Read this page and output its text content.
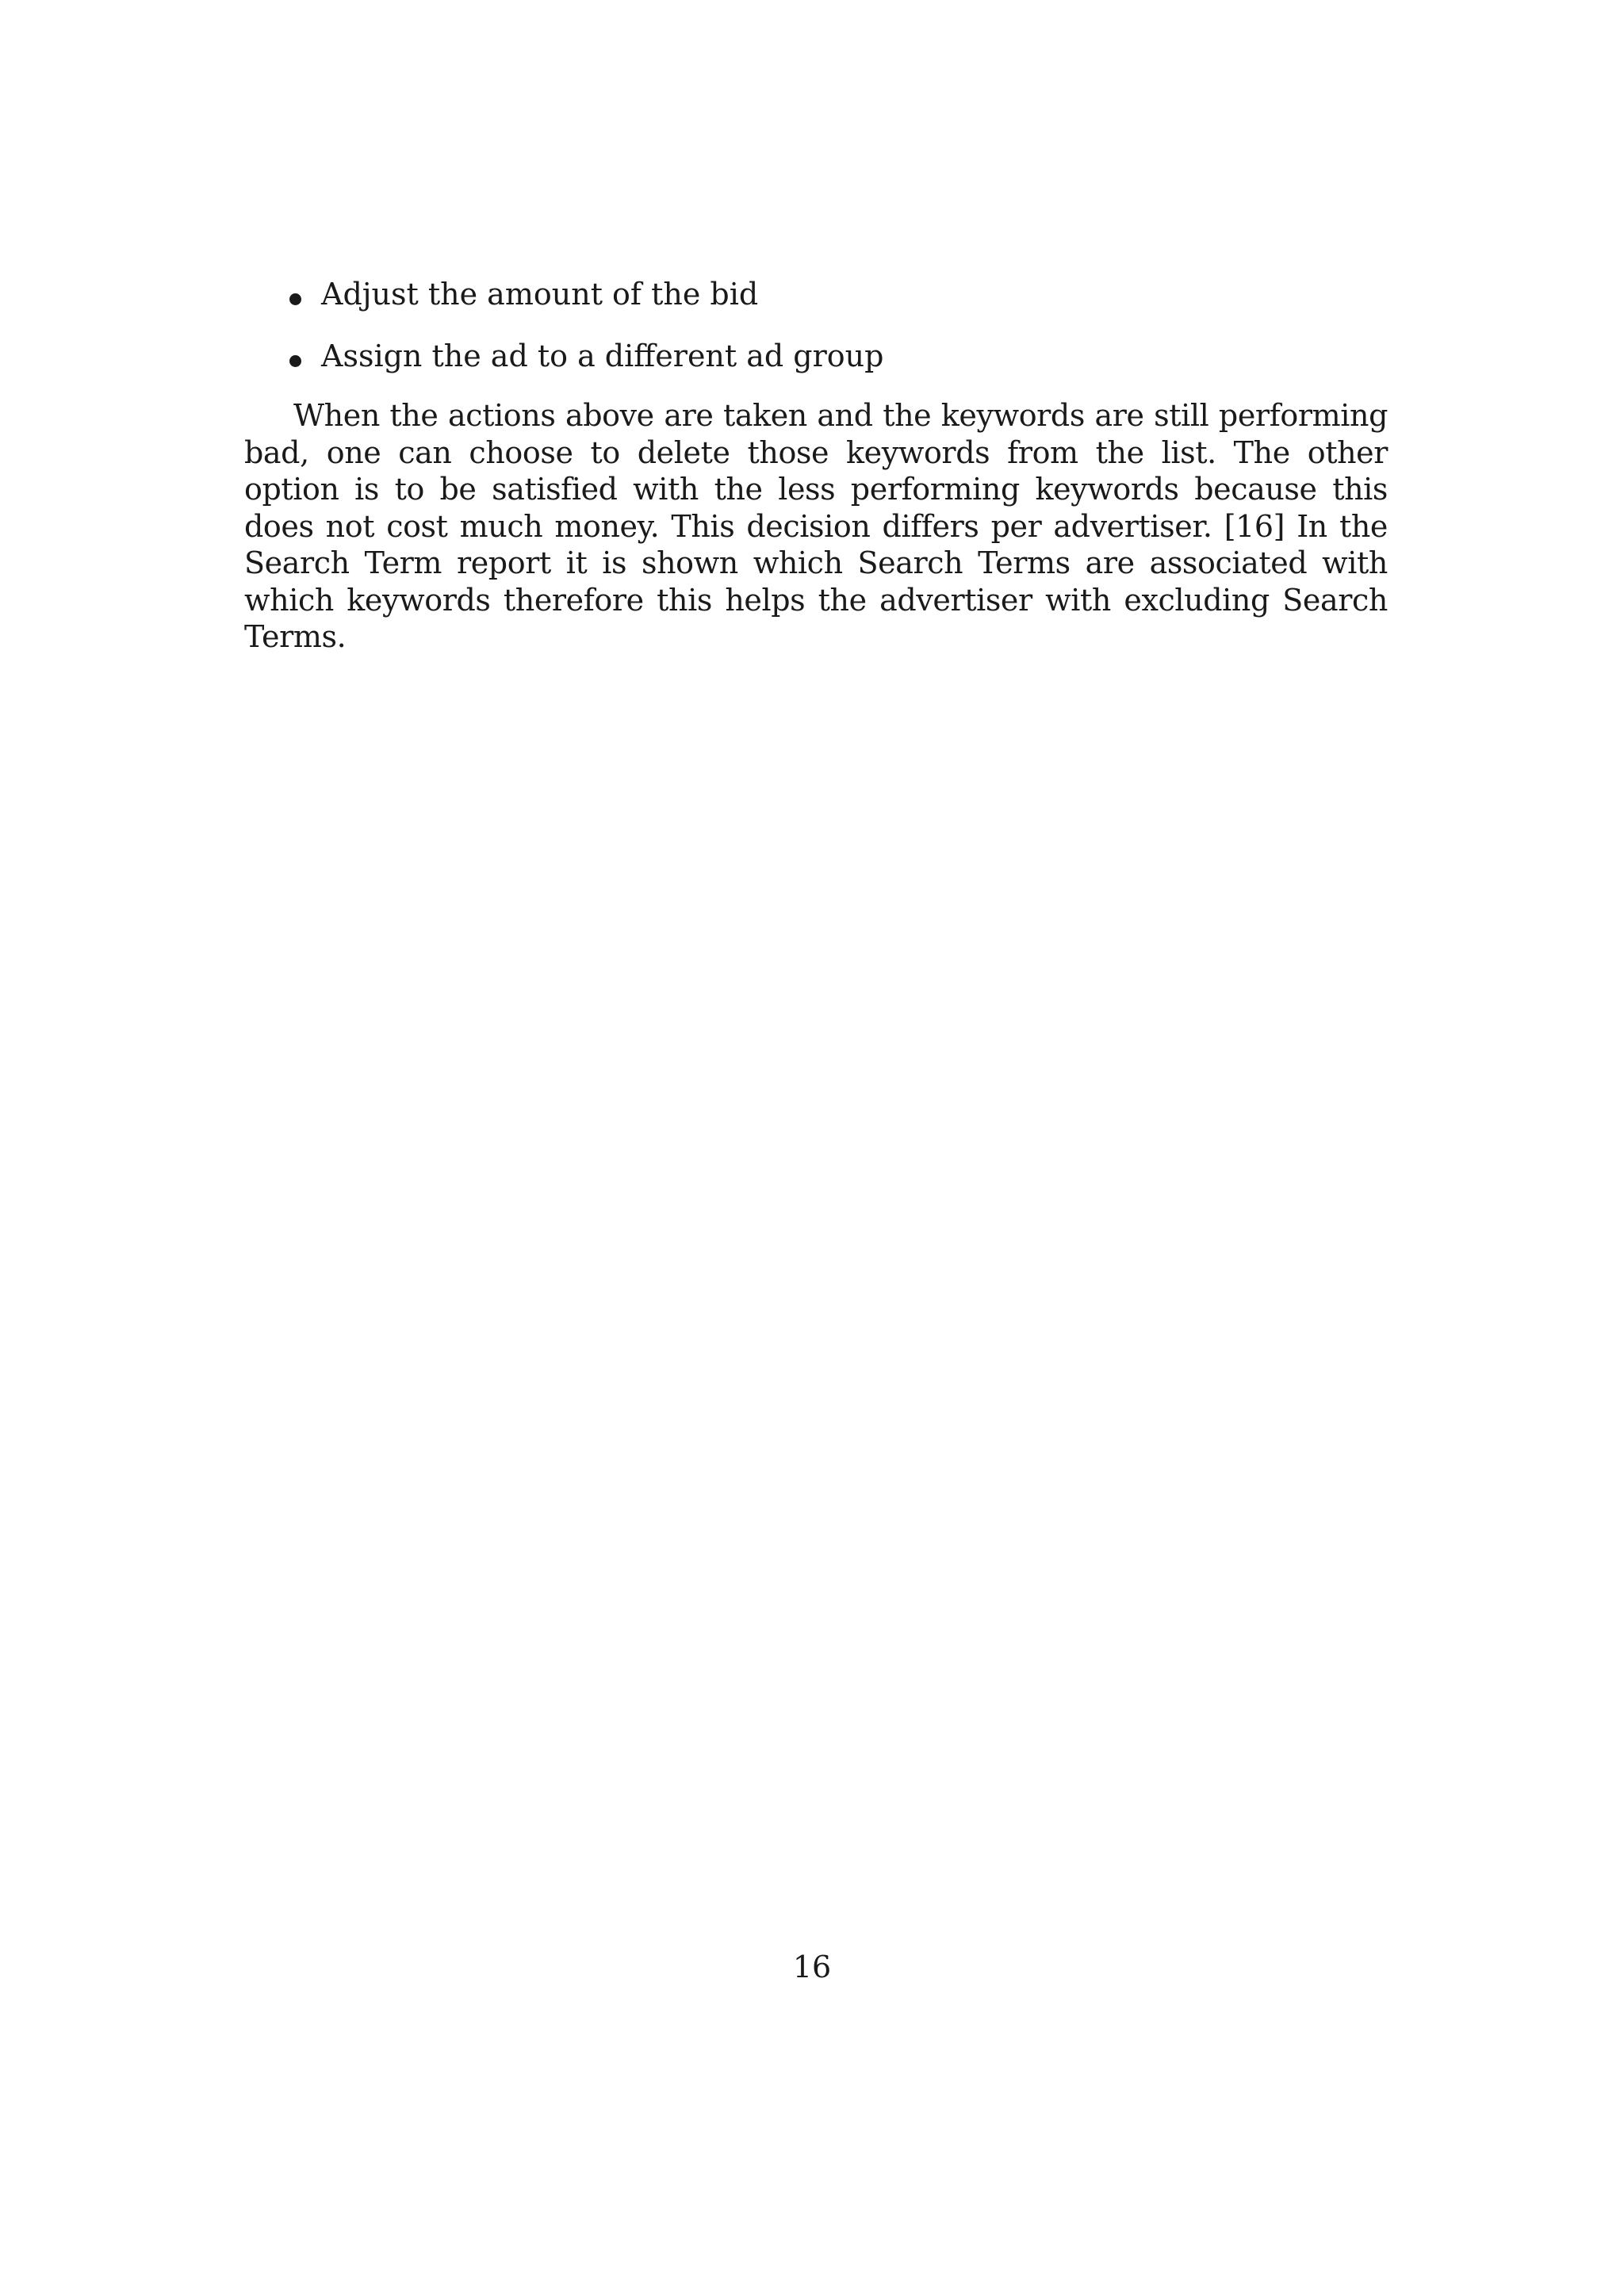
Adjust the amount of the bid
Assign the ad to a different ad group

When the actions above are taken and the keywords are still performing bad, one can choose to delete those keywords from the list. The other option is to be satisfied with the less performing keywords because this does not cost much money. This decision differs per advertiser. [16] In the Search Term report it is shown which Search Terms are associated with which keywords therefore this helps the advertiser with excluding Search Terms.

16
